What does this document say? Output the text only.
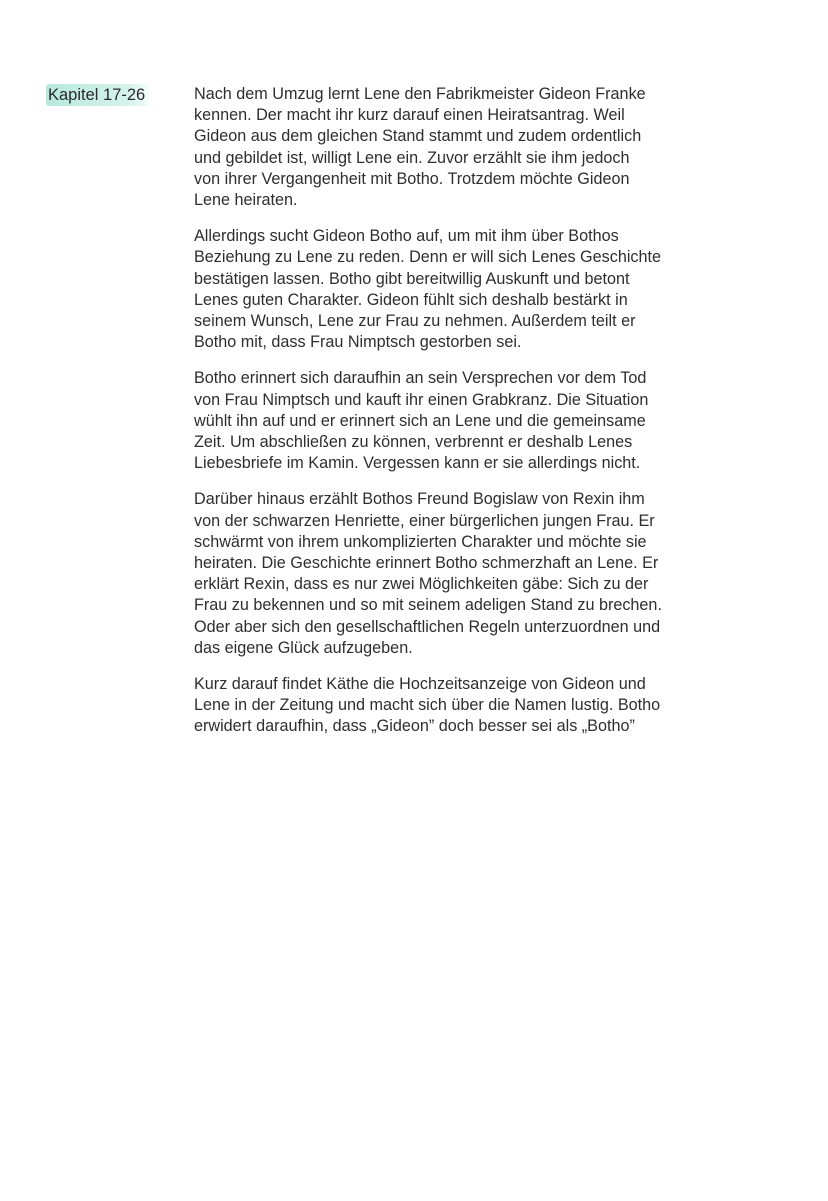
Kapitel 17-26	Nach dem Umzug lernt Lene den Fabrikmeister Gideon Franke
kennen. Der macht ihr kurz darauf einen Heiratsantrag. Weil
Gideon aus dem gleichen Stand stammt und zudem ordentlich
und gebildet ist, willigt Lene ein. Zuvor erzählt sie ihm jedoch
von ihrer Vergangenheit mit Botho. Trotzdem möchte Gideon
Lene heiraten.

Allerdings sucht Gideon Botho auf, um mit ihm über Bothos
Beziehung zu Lene zu reden. Denn er will sich Lenes Geschichte
bestätigen lassen. Botho gibt bereitwillig Auskunft und betont
Lenes guten Charakter. Gideon fühlt sich deshalb bestärkt in
seinem Wunsch, Lene zur Frau zu nehmen. Außerdem teilt er
Botho mit, dass Frau Nimptsch gestorben sei.

Botho erinnert sich daraufhin an sein Versprechen vor dem Tod
von Frau Nimptsch und kauft ihr einen Grabkranz. Die Situation
wühlt ihn auf und er erinnert sich an Lene und die gemeinsame
Zeit. Um abschließen zu können, verbrennt er deshalb Lenes
Liebesbriefe im Kamin. Vergessen kann er sie allerdings nicht.

Darüber hinaus erzählt Bothos Freund Bogislaw von Rexin ihm
von der schwarzen Henriette, einer bürgerlichen jungen Frau. Er
schwärmt von ihrem unkomplizierten Charakter und möchte sie
heiraten. Die Geschichte erinnert Botho schmerzhaft an Lene. Er
erklärt Rexin, dass es nur zwei Möglichkeiten gäbe: Sich zu der
Frau zu bekennen und so mit seinem adeligen Stand zu brechen.
Oder aber sich den gesellschaftlichen Regeln unterzuordnen und
das eigene Glück aufzugeben.

Kurz darauf findet Käthe die Hochzeitsanzeige von Gideon und
Lene in der Zeitung und macht sich über die Namen lustig. Botho
erwidert daraufhin, dass „Gideon” doch besser sei als „Botho”
